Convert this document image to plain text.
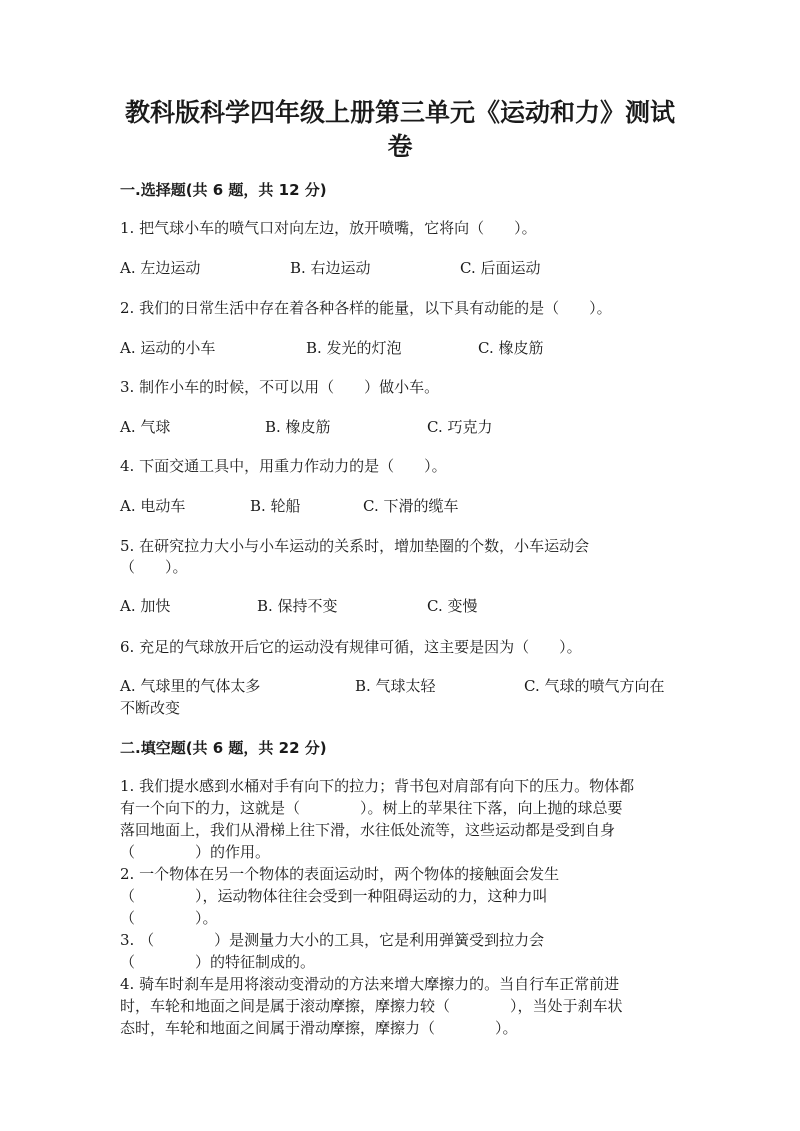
教科版科学四年级上册第三单元《运动和力》测试
卷
一.选择题(共 6 题，共 12 分)
1. 把气球小车的喷气口对向左边，放开喷嘴，它将向（　　）。
A. 左边运动	B. 右边运动	C. 后面运动
2. 我们的日常生活中存在着各种各样的能量，以下具有动能的是（　　）。
A. 运动的小车	B. 发光的灯泡	C. 橡皮筋
3. 制作小车的时候，不可以用（　　）做小车。
A. 气球	B. 橡皮筋	C. 巧克力
4. 下面交通工具中，用重力作动力的是（　　）。
A. 电动车	B. 轮船	C. 下滑的缆车
5. 在研究拉力大小与小车运动的关系时，增加垫圈的个数，小车运动会
（　　）。
A. 加快	B. 保持不变	C. 变慢
6. 充足的气球放开后它的运动没有规律可循，这主要是因为（　　）。
A. 气球里的气体太多	B. 气球太轻	C. 气球的喷气方向在
不断改变
二.填空题(共 6 题，共 22 分)
1. 我们提水感到水桶对手有向下的拉力；背书包对肩部有向下的压力。物体都
有一个向下的力，这就是（　　　　）。树上的苹果往下落，向上抛的球总要
落回地面上，我们从滑梯上往下滑，水往低处流等，这些运动都是受到自身
（　　　　）的作用。
2. 一个物体在另一个物体的表面运动时，两个物体的接触面会发生
（　　　　），运动物体往往会受到一种阻碍运动的力，这种力叫
（　　　　）。
3. （　　　　）是测量力大小的工具，它是利用弹簧受到拉力会
（　　　　）的特征制成的。
4. 骑车时刹车是用将滚动变滑动的方法来增大摩擦力的。当自行车正常前进
时，车轮和地面之间是属于滚动摩擦，摩擦力较（　　　　），当处于刹车状
态时，车轮和地面之间属于滑动摩擦，摩擦力（　　　　）。
